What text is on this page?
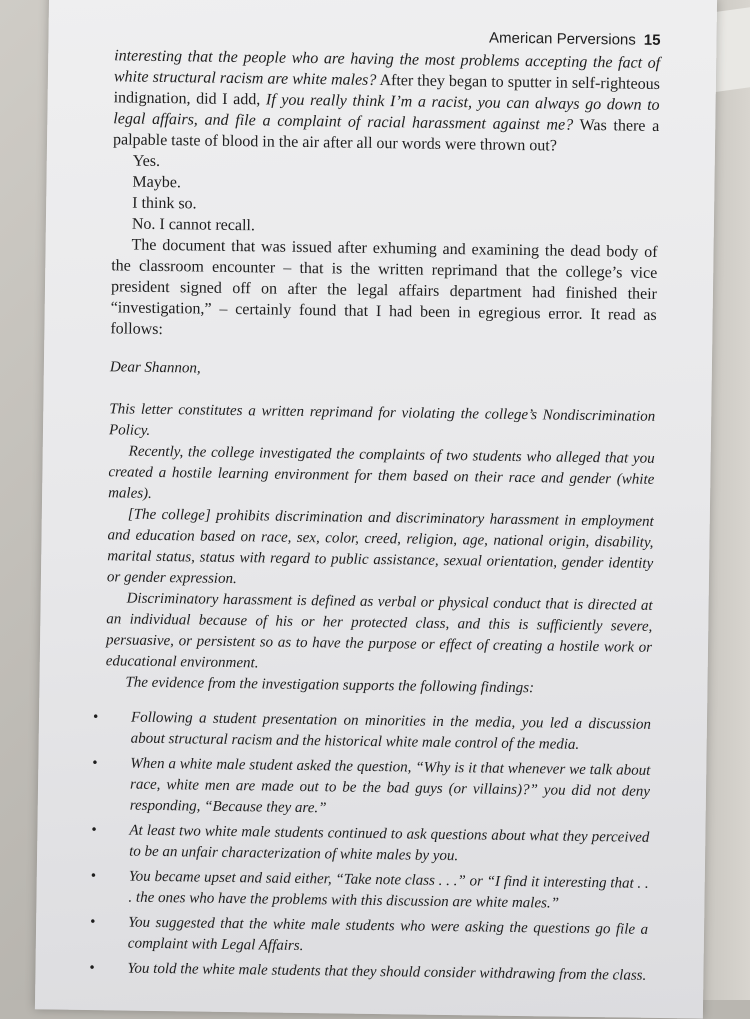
American Perversions 15

interesting that the people who are having the most problems accepting the fact of white structural racism are white males? After they began to sputter in self-righteous indignation, did I add, If you really think I’m a racist, you can always go down to legal affairs, and file a complaint of racial harassment against me? Was there a palpable taste of blood in the air after all our words were thrown out?

Yes.

Maybe.

I think so.

No. I cannot recall.

The document that was issued after exhuming and examining the dead body of the classroom encounter – that is the written reprimand that the college’s vice president signed off on after the legal affairs department had finished their “investigation,” – certainly found that I had been in egregious error. It read as follows:

Dear Shannon,

This letter constitutes a written reprimand for violating the college’s Nondiscrimination Policy.

Recently, the college investigated the complaints of two students who alleged that you created a hostile learning environment for them based on their race and gender (white males).

[The college] prohibits discrimination and discriminatory harassment in employment and education based on race, sex, color, creed, religion, age, national origin, disability, marital status, status with regard to public assistance, sexual orientation, gender identity or gender expression.

Discriminatory harassment is defined as verbal or physical conduct that is directed at an individual because of his or her protected class, and this is sufficiently severe, persuasive, or persistent so as to have the purpose or effect of creating a hostile work or educational environment.

The evidence from the investigation supports the following findings:

• Following a student presentation on minorities in the media, you led a discussion about structural racism and the historical white male control of the media.
• When a white male student asked the question, “Why is it that whenever we talk about race, white men are made out to be the bad guys (or villains)?” you did not deny responding, “Because they are.”
• At least two white male students continued to ask questions about what they perceived to be an unfair characterization of white males by you.
• You became upset and said either, “Take note class . . .” or “I find it interesting that . . . the ones who have the problems with this discussion are white males.”
• You suggested that the white male students who were asking the questions go file a complaint with Legal Affairs.
• You told the white male students that they should consider withdrawing from the class.
